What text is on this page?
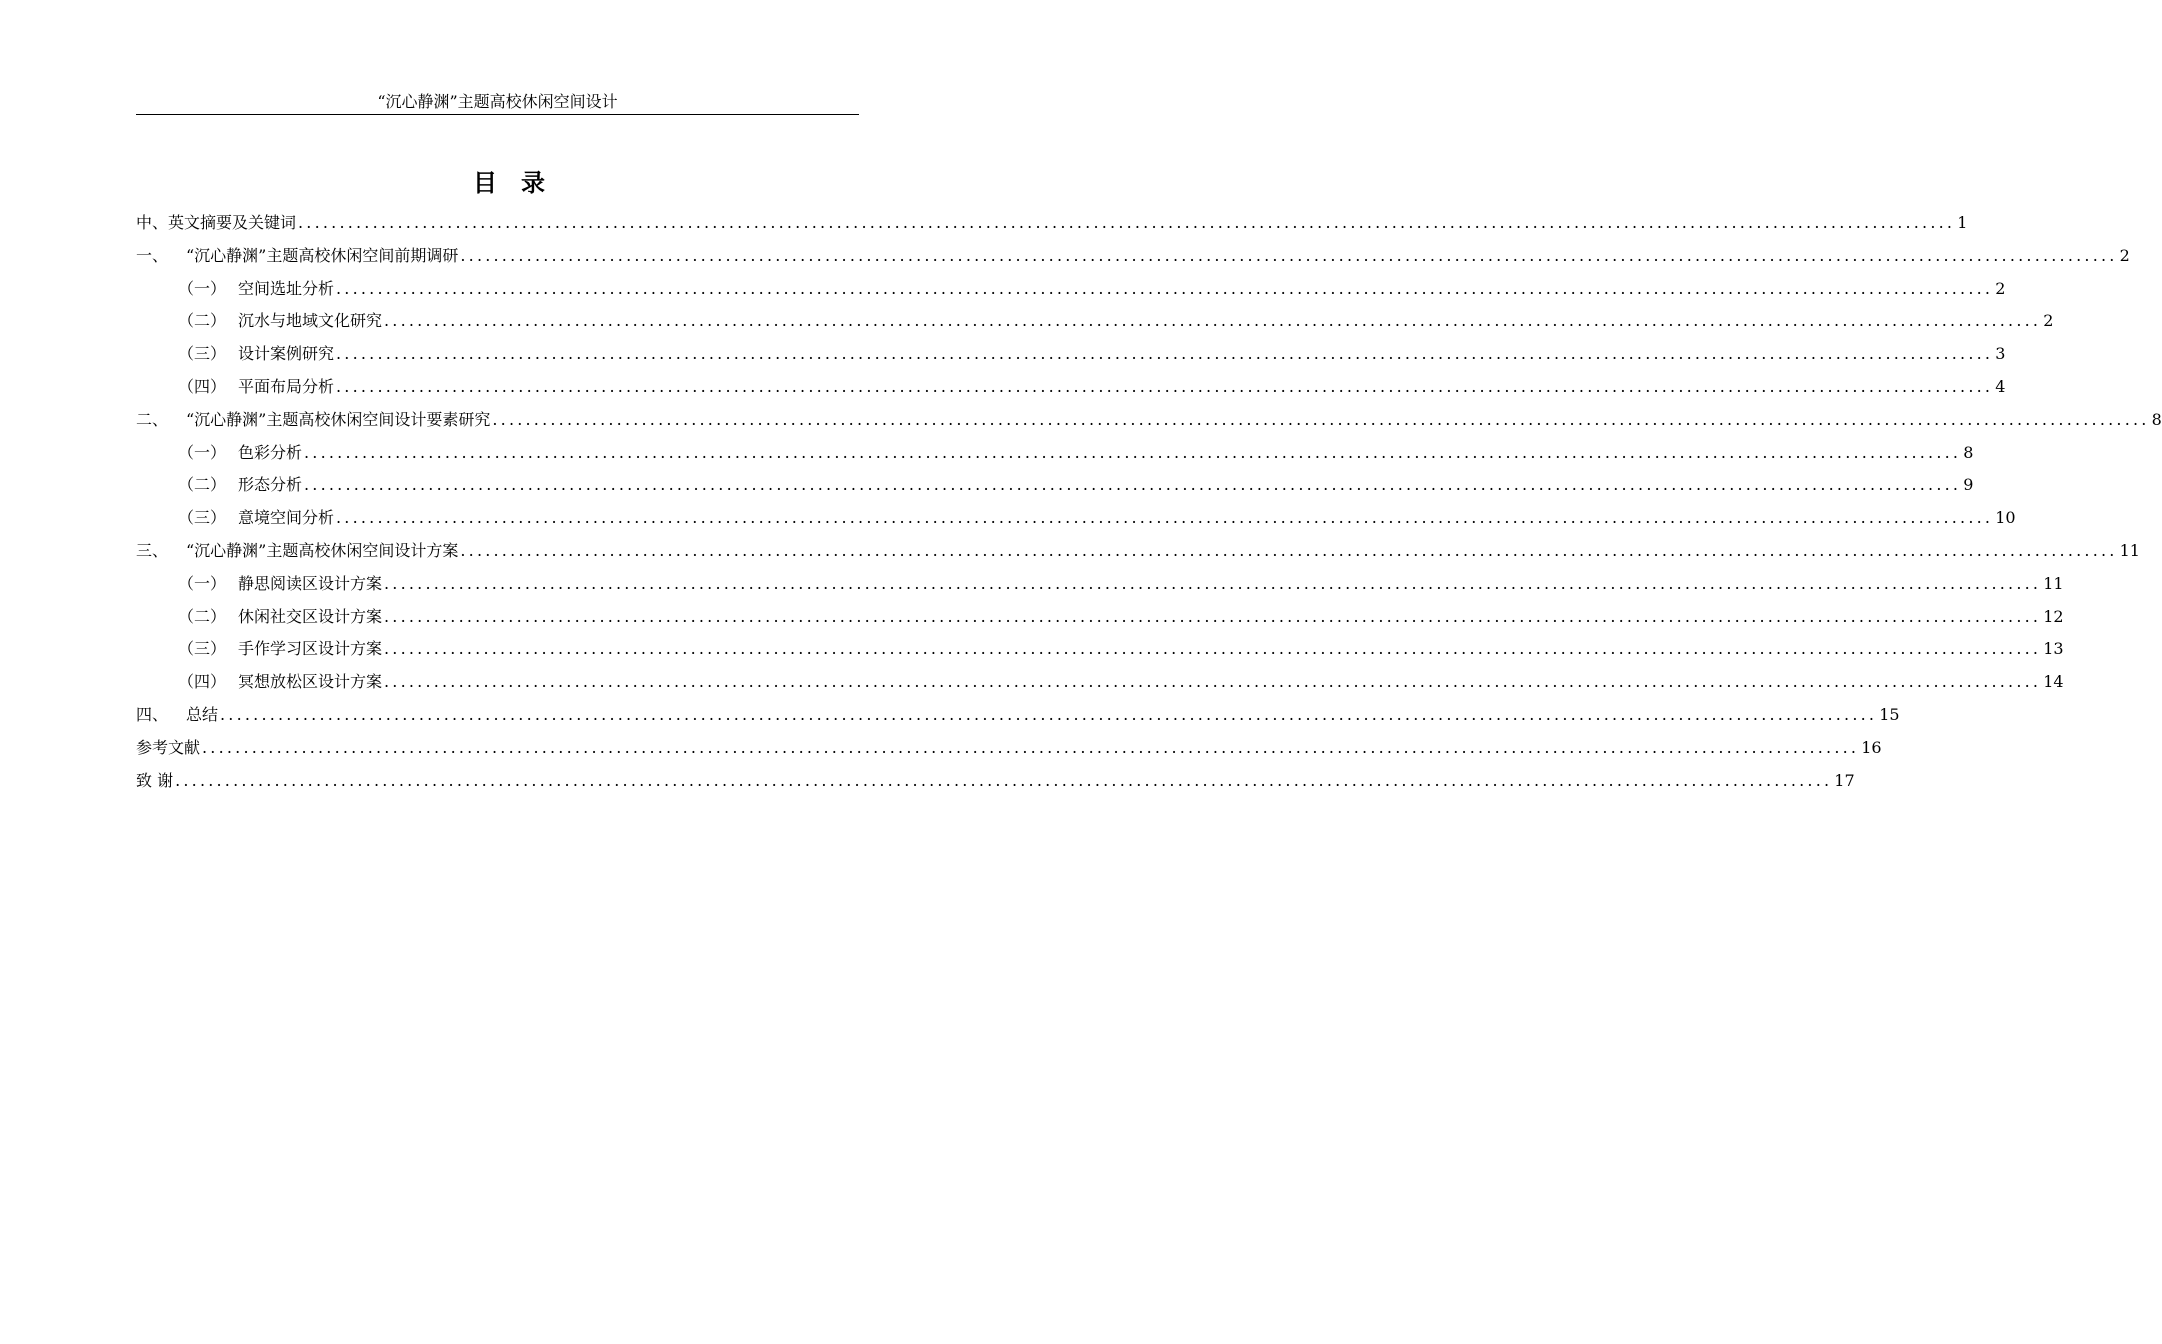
“沉心静渊”主题高校休闲空间设计
目录
中、英文摘要及关键词 ........................................................................................................................................................................................................ 1
一、	“沉心静渊”主题高校休闲空间前期调研 ........................................................................................................................................................................................................ 2
（一） 空间选址分析 ........................................................................................................................................................................................................ 2
（二） 沉水与地域文化研究 ........................................................................................................................................................................................................ 2
（三） 设计案例研究 ........................................................................................................................................................................................................ 3
（四） 平面布局分析 ........................................................................................................................................................................................................ 4
二、	“沉心静渊”主题高校休闲空间设计要素研究 ........................................................................................................................................................................................................ 8
（一） 色彩分析 ........................................................................................................................................................................................................ 8
（二） 形态分析 ........................................................................................................................................................................................................ 9
（三） 意境空间分析 ........................................................................................................................................................................................................ 10
三、	“沉心静渊”主题高校休闲空间设计方案 ........................................................................................................................................................................................................ 11
（一） 静思阅读区设计方案 ........................................................................................................................................................................................................ 11
（二） 休闲社交区设计方案 ........................................................................................................................................................................................................ 12
（三） 手作学习区设计方案 ........................................................................................................................................................................................................ 13
（四） 冥想放松区设计方案 ........................................................................................................................................................................................................ 14
四、	总结 ........................................................................................................................................................................................................ 15
参考文献 ........................................................................................................................................................................................................ 16
致 谢 ........................................................................................................................................................................................................ 17
